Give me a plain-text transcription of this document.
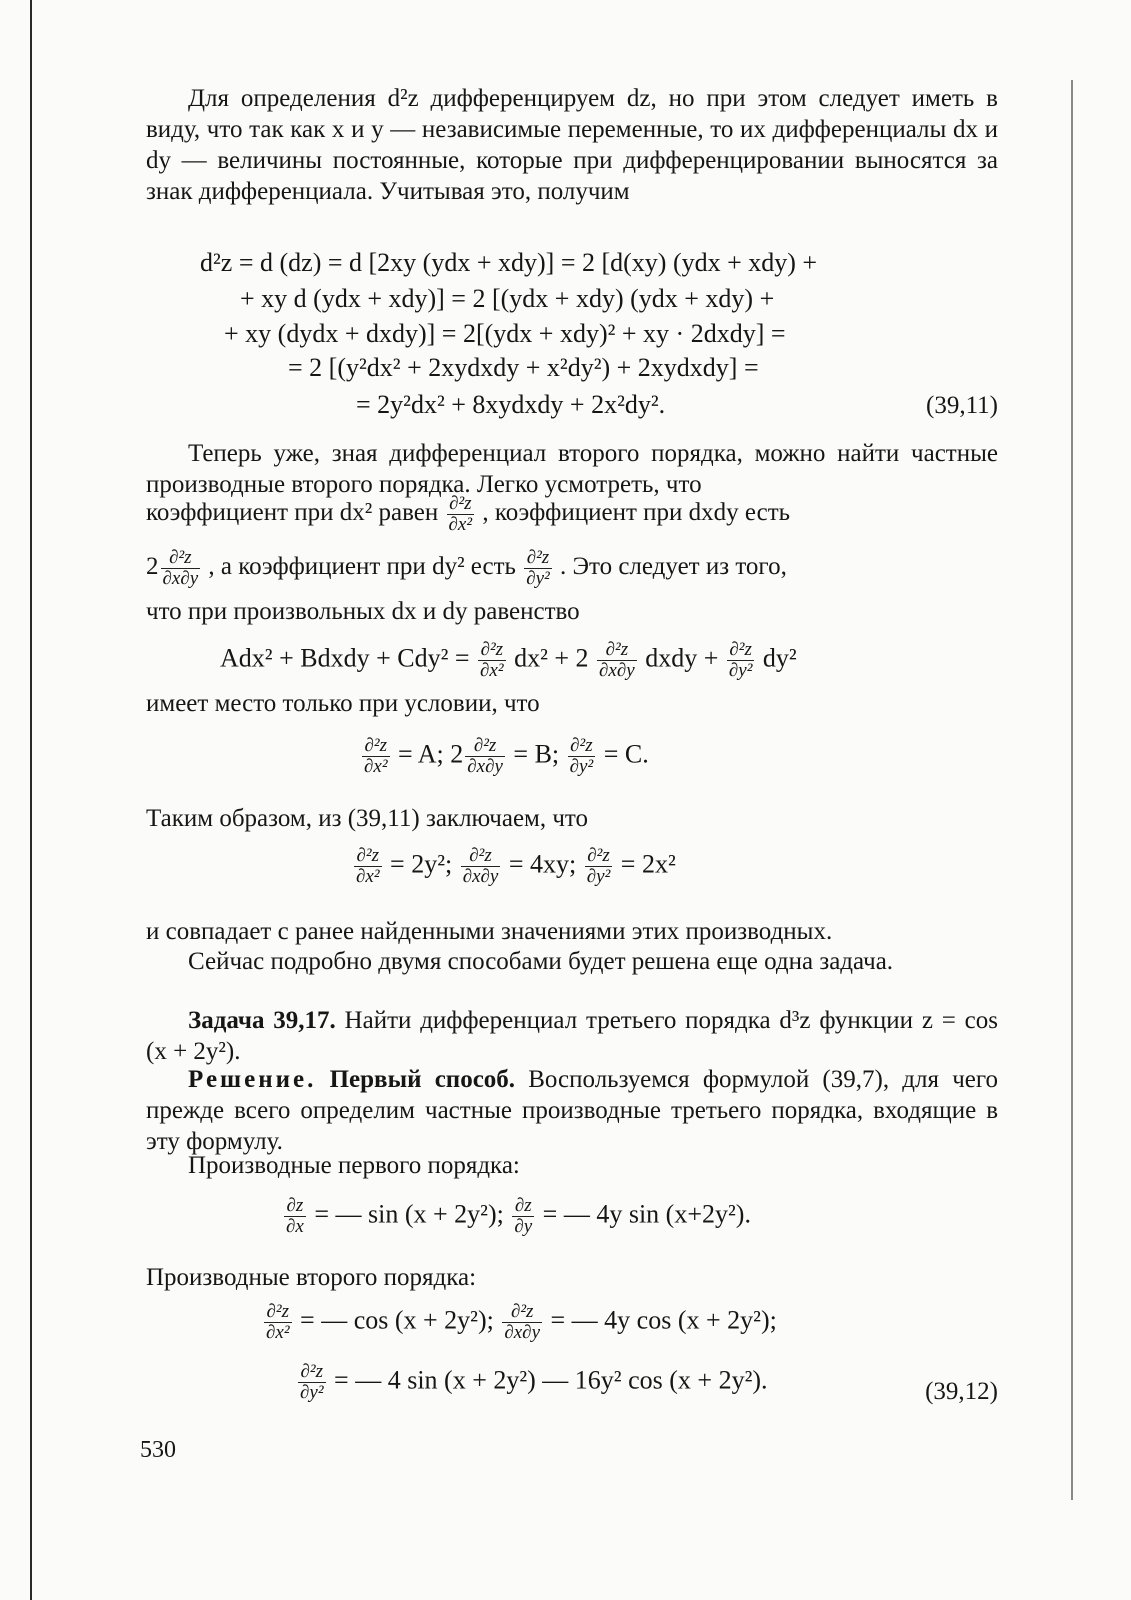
Для определения d²z дифференцируем dz, но при этом следует иметь в виду, что так как x и y — независимые переменные, то их дифференциалы dx и dy — величины постоянные, которые при дифференцировании выносятся за знак дифференциала. Учитывая это, получим

d²z = d (dz) = d [2xy (ydx + xdy)] = 2 [d(xy) (ydx + xdy) +
+ xy d (ydx + xdy)] = 2 [(ydx + xdy) (ydx + xdy) +
+ xy (dydx + dxdy)] = 2[(ydx + xdy)² + xy · 2dxdy] =
= 2 [(y²dx² + 2xydxdy + x²dy²) + 2xydxdy] =
= 2y²dx² + 8xydxdy + 2x²dy².	(39,11)

Теперь уже, зная дифференциал второго порядка, можно найти частные производные второго порядка. Легко усмотреть, что

коэффициент при dx² равен $\frac{\text{∂²z}}{\text{∂x²}}$ , коэффициент при dxdy есть
$2 \frac{\text{∂²z}}{\partial x\partial y}$ , а коэффициент при dy² есть $\frac{\text{∂²z}}{\text{∂y²}}$ . Это следует из того,

что при произвольных dx и dy равенство

Adx² + Bdxdy + $Cdy^2 = \frac{\text{∂²z}}{\text{∂x²}} dx^2 + 2 \frac{\text{∂²z}}{\partial x\partial y}$ dxdy + $\frac{\text{∂²z}}{\text{∂y²}} dy^2$

имеет место только при условии, что

$\frac{\text{∂²z}}{\text{∂x²}} = A$; $2 \frac{\text{∂²z}}{\partial x\partial y} = B$; $\frac{\text{∂²z}}{\text{∂y²}} = C$.

Таким образом, из (39,11) заключаем, что

$\frac{\text{∂²z}}{\text{∂x²}} = 2y^2$; $\frac{\text{∂²z}}{\partial x\partial y} = 4xy$; $\frac{\text{∂²z}}{\text{∂y²}} = 2x^2$

и совпадает с ранее найденными значениями этих производных.

Сейчас подробно двумя способами будет решена еще одна задача.

Задача 39,17. Найти дифференциал третьего порядка d³z функции z = cos (x + 2y²).

Решение. Первый способ. Воспользуемся формулой (39,7), для чего прежде всего определим частные производные третьего порядка, входящие в эту формулу.

Производные первого порядка:

$\frac{\partial z}{\partial x}$ = — sin (x + 2y²); $\frac{\partial z}{\partial y}$ = — 4y sin (x+2y²).

Производные второго порядка:

$\frac{\text{∂²z}}{\text{∂x²}}$ = — cos (x + 2y²); $\frac{\text{∂²z}}{\partial x\partial y}$ = — 4y cos (x + 2y²);
$\frac{\text{∂²z}}{\text{∂y²}}$ = — 4 sin (x + 2y²) — 16y² cos (x + 2y²).	(39,12)
530
